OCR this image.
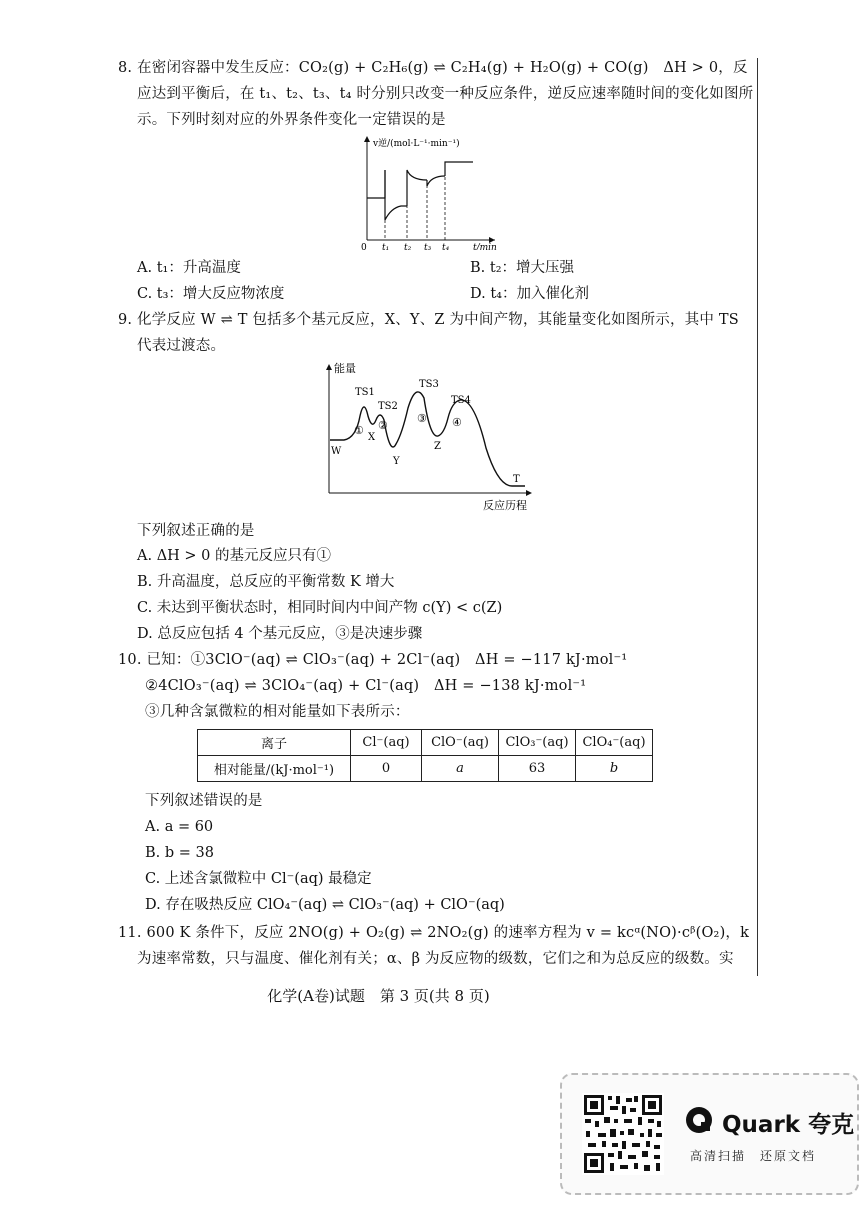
8. 在密闭容器中发生反应：CO₂(g) + C₂H₆(g) ⇌ C₂H₄(g) + H₂O(g) + CO(g)　ΔH > 0，反
应达到平衡后，在 t₁、t₂、t₃、t₄ 时分别只改变一种反应条件，逆反应速率随时间的变化如图所
示。下列时刻对应的外界条件变化一定错误的是
v逆/(mol·L⁻¹·min⁻¹)
0 t₁ t₂ t₃ t₄	t/min
A. t₁：升高温度	B. t₂：增大压强
C. t₃：增大反应物浓度	D. t₄：加入催化剂
9. 化学反应 W ⇌ T 包括多个基元反应，X、Y、Z 为中间产物，其能量变化如图所示，其中 TS
代表过渡态。
能量
反应历程
W
TS1
①
X
TS2
②
Y
TS3
③
Z
TS4
④
T
下列叙述正确的是
A. ΔH > 0 的基元反应只有①
B. 升高温度，总反应的平衡常数 K 增大
C. 未达到平衡状态时，相同时间内中间产物 c(Y) < c(Z)
D. 总反应包括 4 个基元反应，③是决速步骤
10. 已知：①3ClO⁻(aq) ⇌ ClO₃⁻(aq) + 2Cl⁻(aq)　ΔH = −117 kJ·mol⁻¹
②4ClO₃⁻(aq) ⇌ 3ClO₄⁻(aq) + Cl⁻(aq)　ΔH = −138 kJ·mol⁻¹
③几种含氯微粒的相对能量如下表所示：
离子	Cl⁻(aq)	ClO⁻(aq)	ClO₃⁻(aq)	ClO₄⁻(aq)
相对能量/(kJ·mol⁻¹)	0	a	63	b
下列叙述错误的是
A. a = 60
B. b = 38
C. 上述含氯微粒中 Cl⁻(aq) 最稳定
D. 存在吸热反应 ClO₄⁻(aq) ⇌ ClO₃⁻(aq) + ClO⁻(aq)
11. 600 K 条件下，反应 2NO(g) + O₂(g) ⇌ 2NO₂(g) 的速率方程为 v = kcᵅ(NO)·cᵝ(O₂)，k
为速率常数，只与温度、催化剂有关；α、β 为反应物的级数，它们之和为总反应的级数。实
化学(A卷)试题　第 3 页(共 8 页)
Quark 夸克
高清扫描　还原文档
